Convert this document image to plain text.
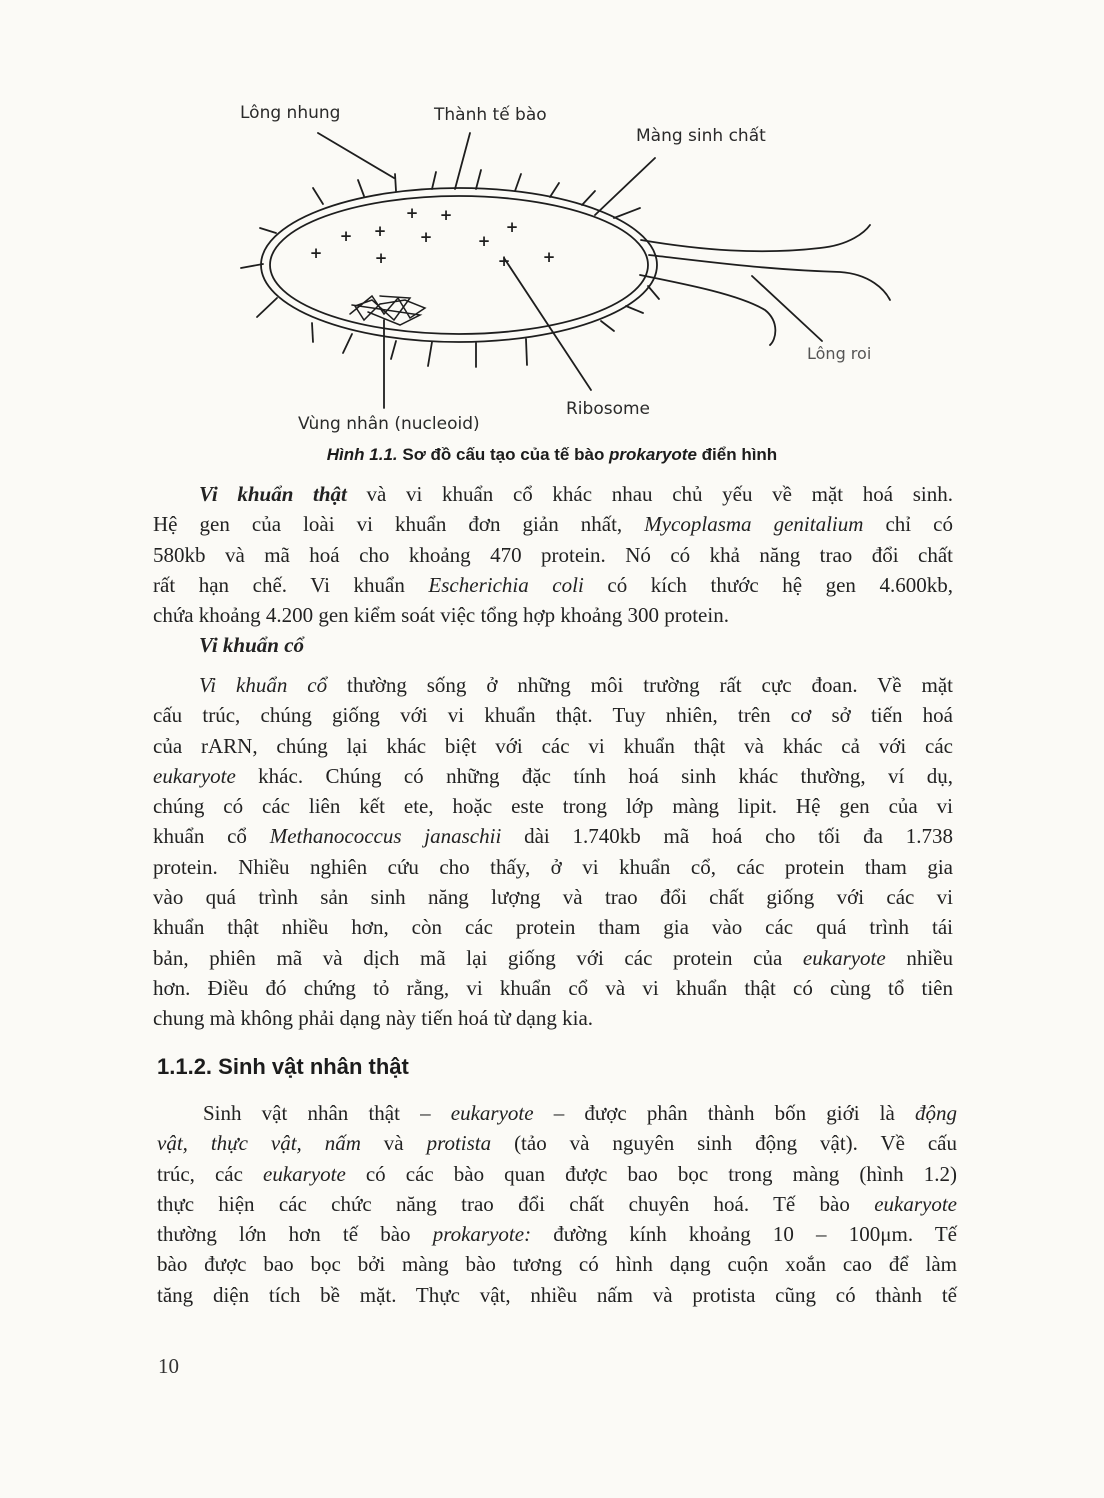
+ +
+
+	+	+
+
+	+	+ +
Lông nhung	Thành tế bào
Màng sinh chất
Lông roi
Ribosome
Vùng nhân (nucleoid)
Hình 1.1. Sơ đồ cấu tạo của tế bào prokaryote điển hình
Vi khuẩn thật và vi khuẩn cổ khác nhau chủ yếu về mặt hoá sinh.
Hệ gen của loài vi khuẩn đơn giản nhất, Mycoplasma genitalium chỉ có
580kb và mã hoá cho khoảng 470 protein. Nó có khả năng trao đổi chất
rất hạn chế. Vi khuẩn Escherichia coli có kích thước hệ gen 4.600kb,
chứa khoảng 4.200 gen kiểm soát việc tổng hợp khoảng 300 protein.
Vi khuẩn cổ
Vi khuẩn cổ thường sống ở những môi trường rất cực đoan. Về mặt
cấu trúc, chúng giống với vi khuẩn thật. Tuy nhiên, trên cơ sở tiến hoá
của rARN, chúng lại khác biệt với các vi khuẩn thật và khác cả với các
eukaryote khác. Chúng có những đặc tính hoá sinh khác thường, ví dụ,
chúng có các liên kết ete, hoặc este trong lớp màng lipit. Hệ gen của vi
khuẩn cổ Methanococcus janaschii dài 1.740kb mã hoá cho tối đa 1.738
protein. Nhiều nghiên cứu cho thấy, ở vi khuẩn cổ, các protein tham gia
vào quá trình sản sinh năng lượng và trao đổi chất giống với các vi
khuẩn thật nhiều hơn, còn các protein tham gia vào các quá trình tái
bản, phiên mã và dịch mã lại giống với các protein của eukaryote nhiều
hơn. Điều đó chứng tỏ rằng, vi khuẩn cổ và vi khuẩn thật có cùng tổ tiên
chung mà không phải dạng này tiến hoá từ dạng kia.
1.1.2. Sinh vật nhân thật
Sinh vật nhân thật – eukaryote – được phân thành bốn giới là động
vật, thực vật, nấm và protista (tảo và nguyên sinh động vật). Về cấu
trúc, các eukaryote có các bào quan được bao bọc trong màng (hình 1.2)
thực hiện các chức năng trao đổi chất chuyên hoá. Tế bào eukaryote
thường lớn hơn tế bào prokaryote: đường kính khoảng 10 – 100μm. Tế
bào được bao bọc bởi màng bào tương có hình dạng cuộn xoắn cao để làm
tăng diện tích bề mặt. Thực vật, nhiều nấm và protista cũng có thành tế
10
